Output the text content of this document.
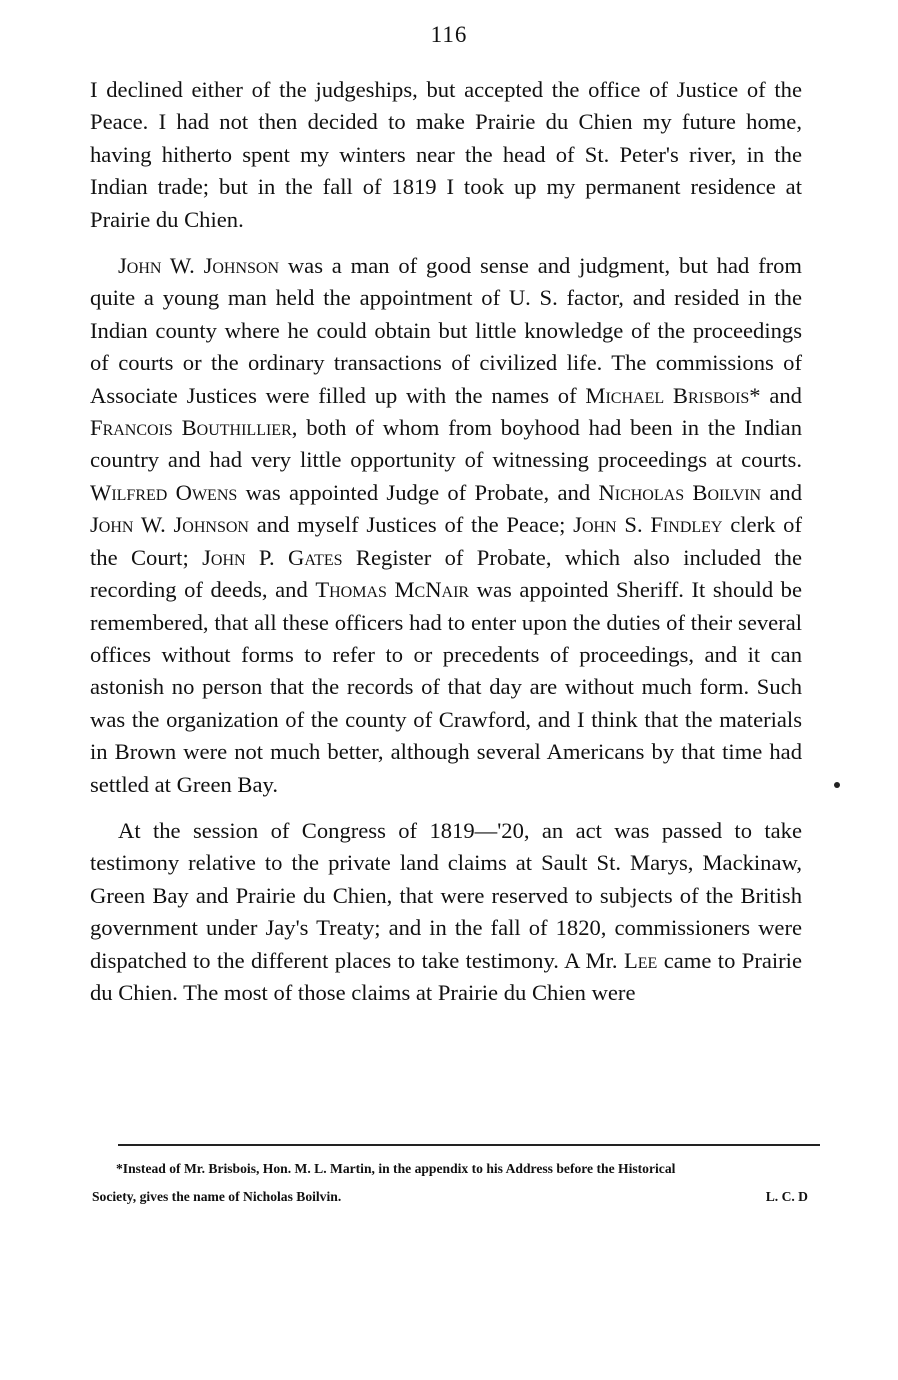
116

I declined either of the judgeships, but accepted the office of Justice of the Peace. I had not then decided to make Prairie du Chien my future home, having hitherto spent my winters near the head of St. Peter's river, in the Indian trade; but in the fall of 1819 I took up my permanent residence at Prairie du Chien.

John W. Johnson was a man of good sense and judgment, but had from quite a young man held the appointment of U. S. factor, and resided in the Indian county where he could obtain but little knowledge of the proceedings of courts or the ordinary transactions of civilized life. The commissions of Associate Justices were filled up with the names of Michael Brisbois* and Francois Bouthillier, both of whom from boyhood had been in the Indian country and had very little opportunity of witnessing proceedings at courts. Wilfred Owens was appointed Judge of Probate, and Nicholas Boilvin and John W. Johnson and myself Justices of the Peace; John S. Findley clerk of the Court; John P. Gates Register of Probate, which also included the recording of deeds, and Thomas McNair was appointed Sheriff. It should be remembered, that all these officers had to enter upon the duties of their several offices without forms to refer to or precedents of proceedings, and it can astonish no person that the records of that day are without much form. Such was the organization of the county of Crawford, and I think that the materials in Brown were not much better, although several Americans by that time had settled at Green Bay.

At the session of Congress of 1819—'20, an act was passed to take testimony relative to the private land claims at Sault St. Marys, Mackinaw, Green Bay and Prairie du Chien, that were reserved to subjects of the British government under Jay's Treaty; and in the fall of 1820, commissioners were dispatched to the different places to take testimony. A Mr. Lee came to Prairie du Chien. The most of those claims at Prairie du Chien were

*Instead of Mr. Brisbois, Hon. M. L. Martin, in the appendix to his Address before the Historical
Society, gives the name of Nicholas Boilvin.	L. C. D
